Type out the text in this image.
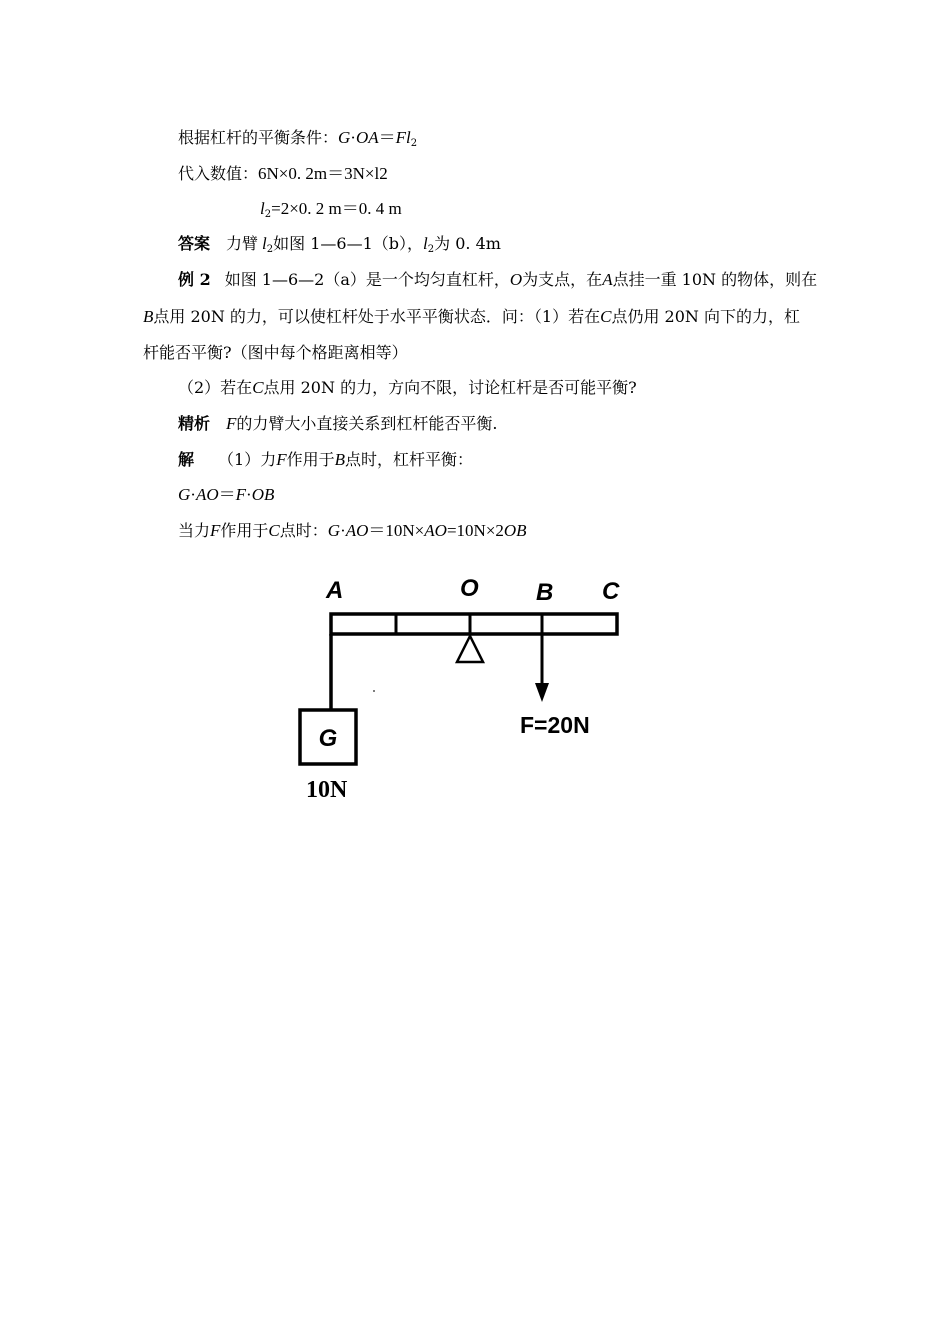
根据杠杆的平衡条件：$G\cdot OA=Fl_2$
代入数值：6N×0. 2m＝3N×l2
$l_2=2\times 0$. 2 m＝0. 4 m
答案 力臂 $l_2$如图 1—6—1（b），$l_2$为 0. 4m
例 2 如图 1—6—2（a）是一个均匀直杠杆，O为支点，在A点挂一重 10N 的物体，则在
B点用 20N 的力，可以使杠杆处于水平平衡状态．问：（1）若在C点仍用 20N 向下的力，杠
杆能否平衡?（图中每个格距离相等）
（2）若在C点用 20N 的力，方向不限，讨论杠杆是否可能平衡?
精析 F的力臂大小直接关系到杠杆能否平衡.
解 （1）力F作用于B点时，杠杆平衡：
G·AO＝F·OB
当力F作用于C点时：G·AO＝10N×AO=10N×2OB
A	O B C
G
10N
F=20N
